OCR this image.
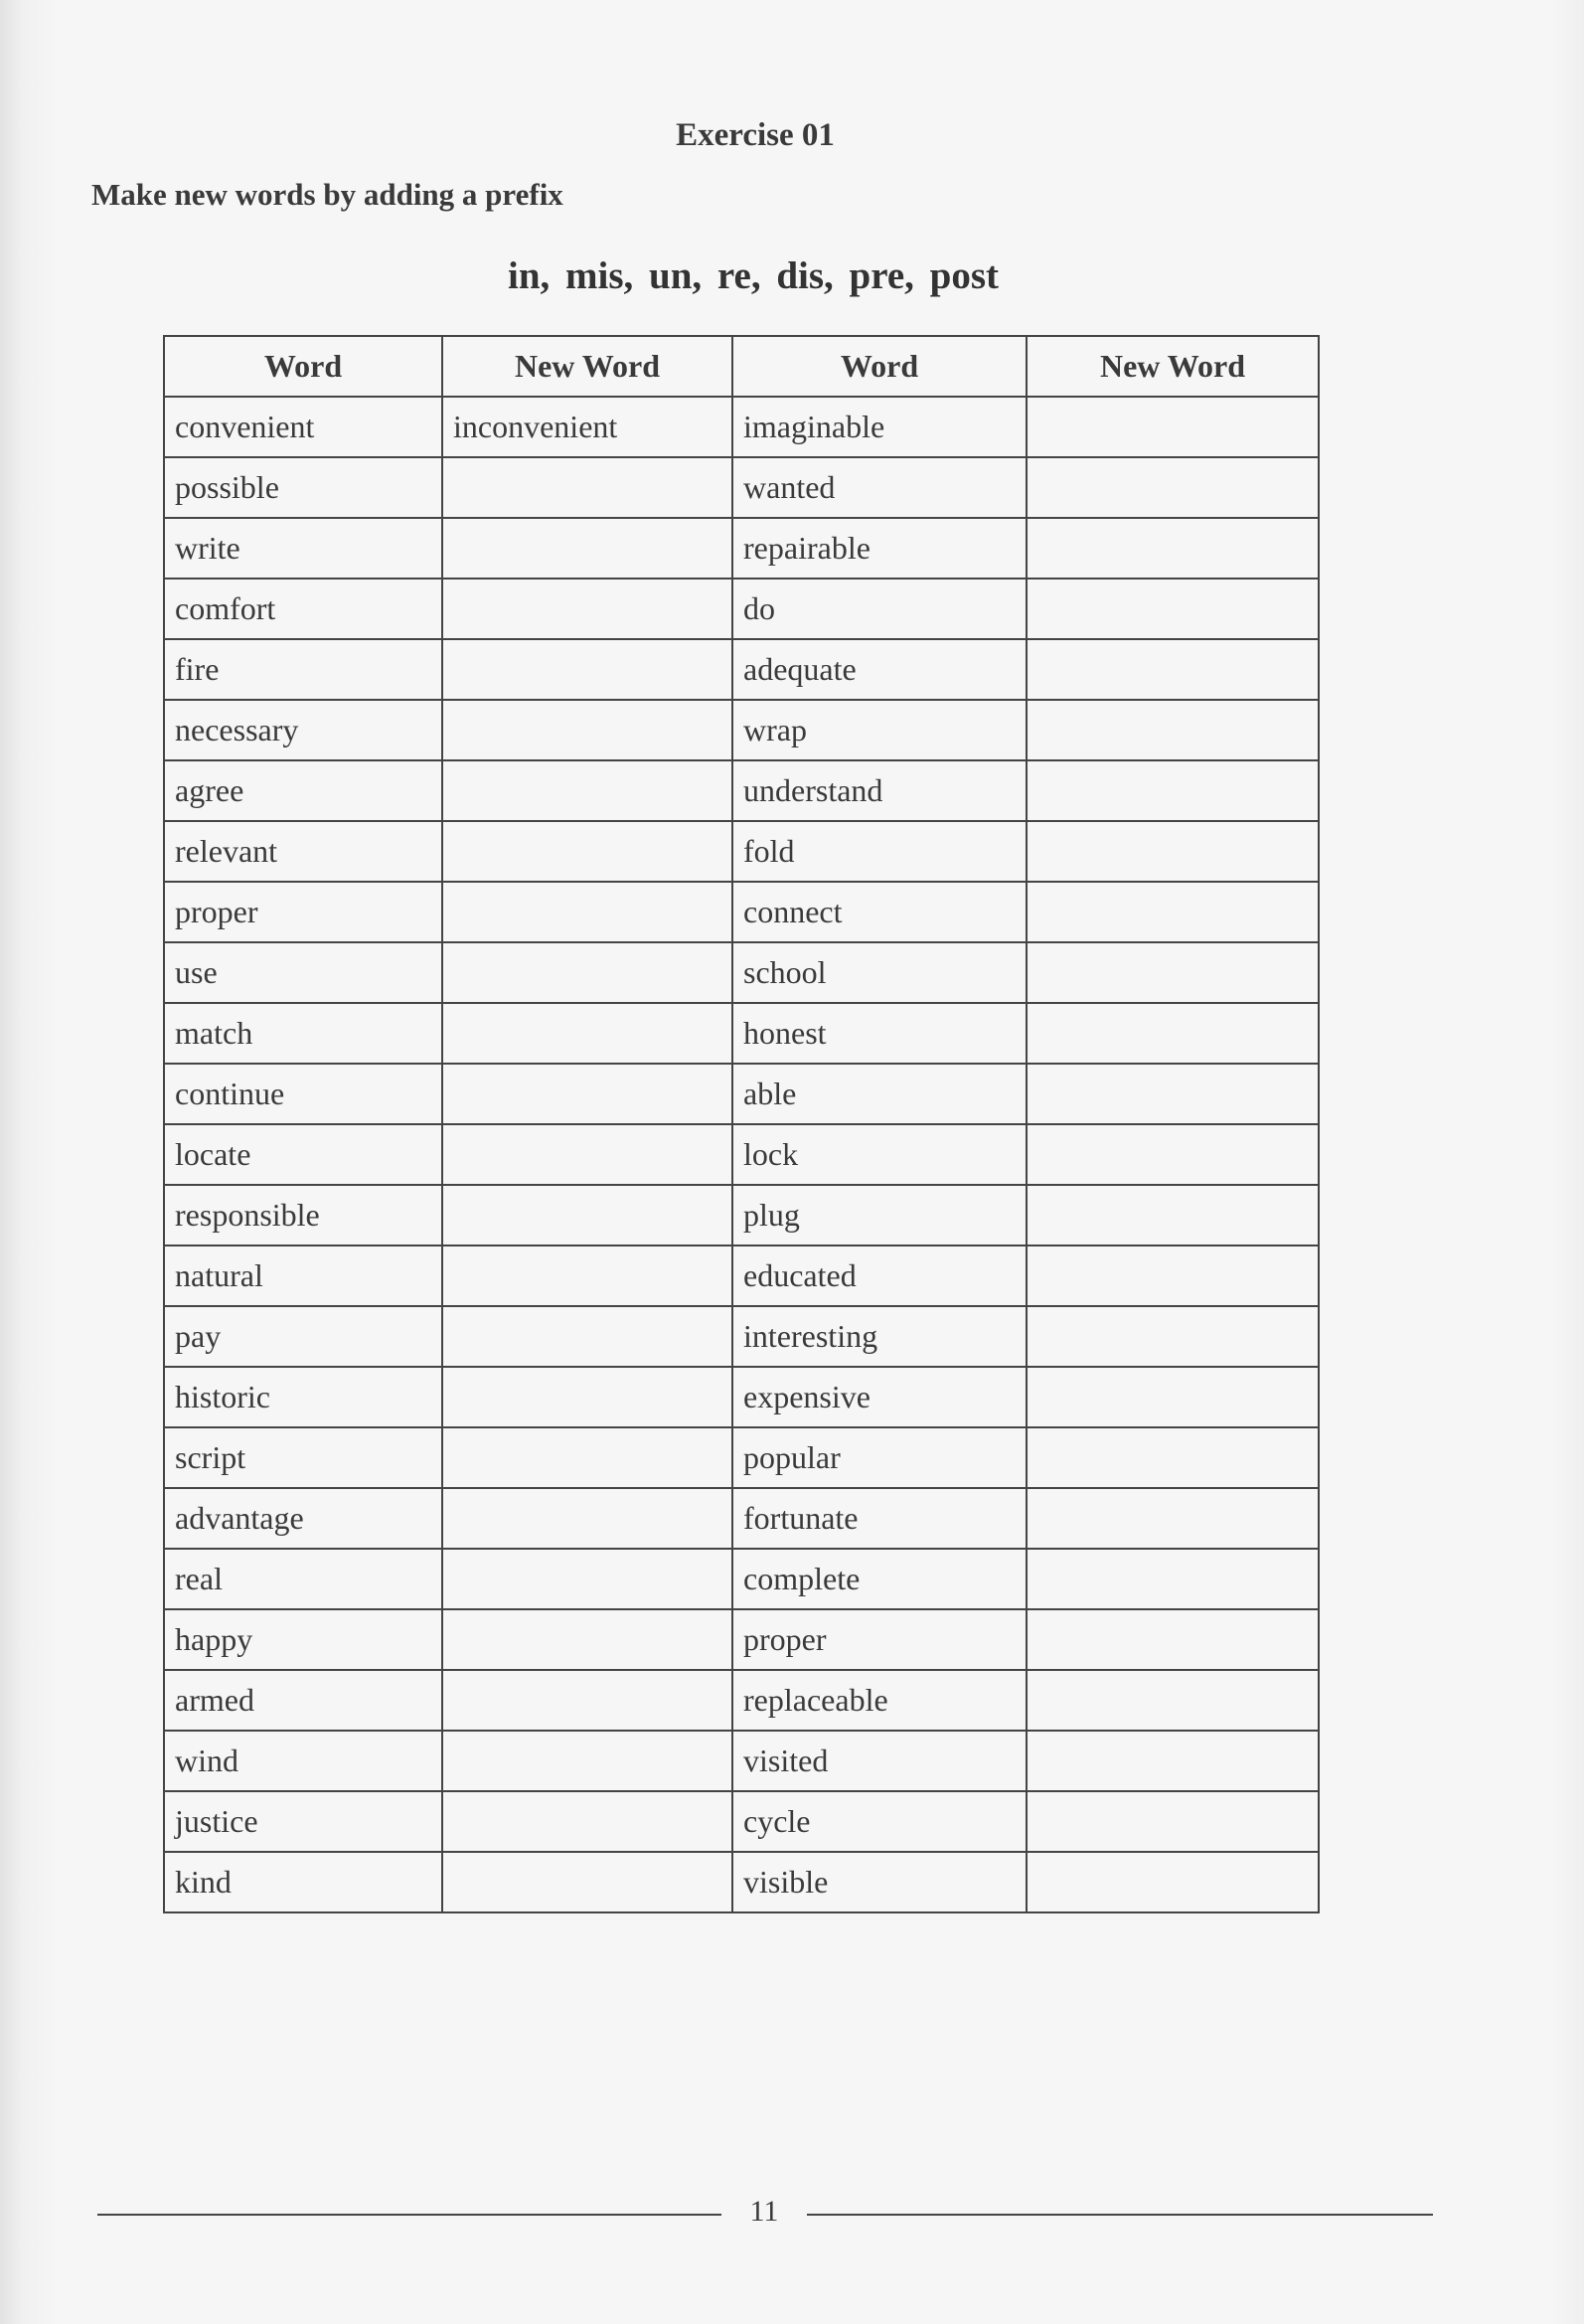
Exercise 01
Make new words by adding a prefix
in, mis, un, re, dis, pre, post
Word	New Word	Word	New Word
convenient	inconvenient	imaginable	
possible		wanted	
write		repairable	
comfort		do	
fire		adequate	
necessary		wrap	
agree		understand	
relevant		fold	
proper		connect	
use		school	
match		honest	
continue		able	
locate		lock	
responsible		plug	
natural		educated	
pay		interesting	
historic		expensive	
script		popular	
advantage		fortunate	
real		complete	
happy		proper	
armed		replaceable	
wind		visited	
justice		cycle	
kind		visible	
11
